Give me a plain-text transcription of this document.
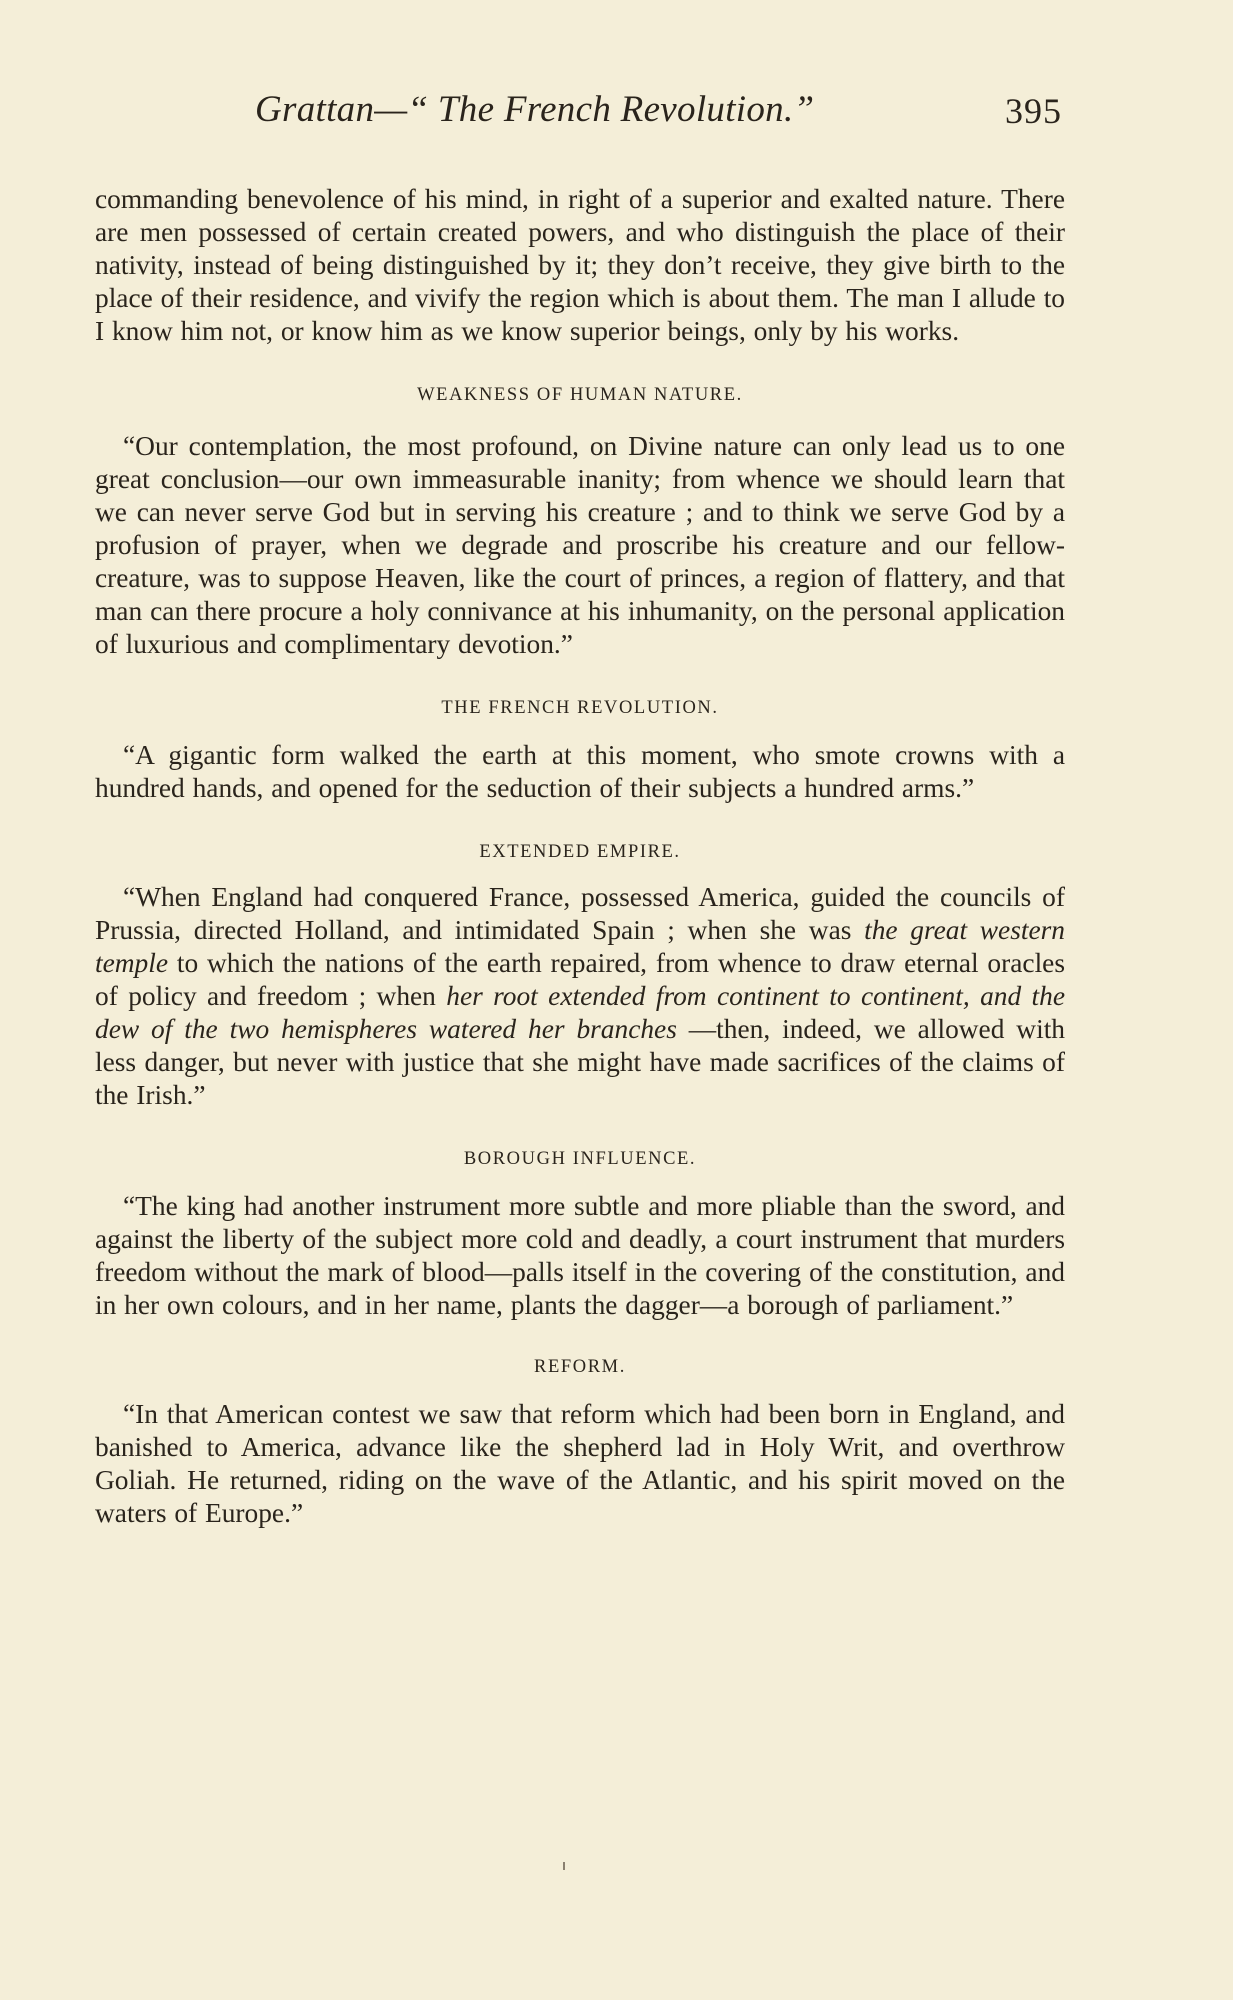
Grattan—“ The French Revolution.”	395

commanding benevolence of his mind, in right of a superior and exalted nature. There are men possessed of certain created powers, and who distinguish the place of their nativity, instead of being distinguished by it; they don’t receive, they give birth to the place of their residence, and vivify the region which is about them. The man I allude to I know him not, or know him as we know superior beings, only by his works.

WEAKNESS OF HUMAN NATURE.

“Our contemplation, the most profound, on Divine nature can only lead us to one great conclusion—our own immeasurable inanity; from whence we should learn that we can never serve God but in serving his creature ; and to think we serve God by a profusion of prayer, when we degrade and proscribe his creature and our fellow-creature, was to suppose Heaven, like the court of princes, a region of flattery, and that man can there procure a holy connivance at his inhumanity, on the personal application of luxurious and complimentary devotion.”

THE FRENCH REVOLUTION.

“A gigantic form walked the earth at this moment, who smote crowns with a hundred hands, and opened for the seduction of their subjects a hundred arms.”

EXTENDED EMPIRE.

“When England had conquered France, possessed America, guided the councils of Prussia, directed Holland, and intimidated Spain ; when she was the great western temple to which the nations of the earth repaired, from whence to draw eternal oracles of policy and freedom ; when her root extended from continent to continent, and the dew of the two hemispheres watered her branches —then, indeed, we allowed with less danger, but never with justice that she might have made sacrifices of the claims of the Irish.”

BOROUGH INFLUENCE.

“The king had another instrument more subtle and more pliable than the sword, and against the liberty of the subject more cold and deadly, a court instrument that murders freedom without the mark of blood—palls itself in the covering of the constitution, and in her own colours, and in her name, plants the dagger—a borough of parliament.”

REFORM.

“In that American contest we saw that reform which had been born in England, and banished to America, advance like the shepherd lad in Holy Writ, and overthrow Goliah. He returned, riding on the wave of the Atlantic, and his spirit moved on the waters of Europe.”
